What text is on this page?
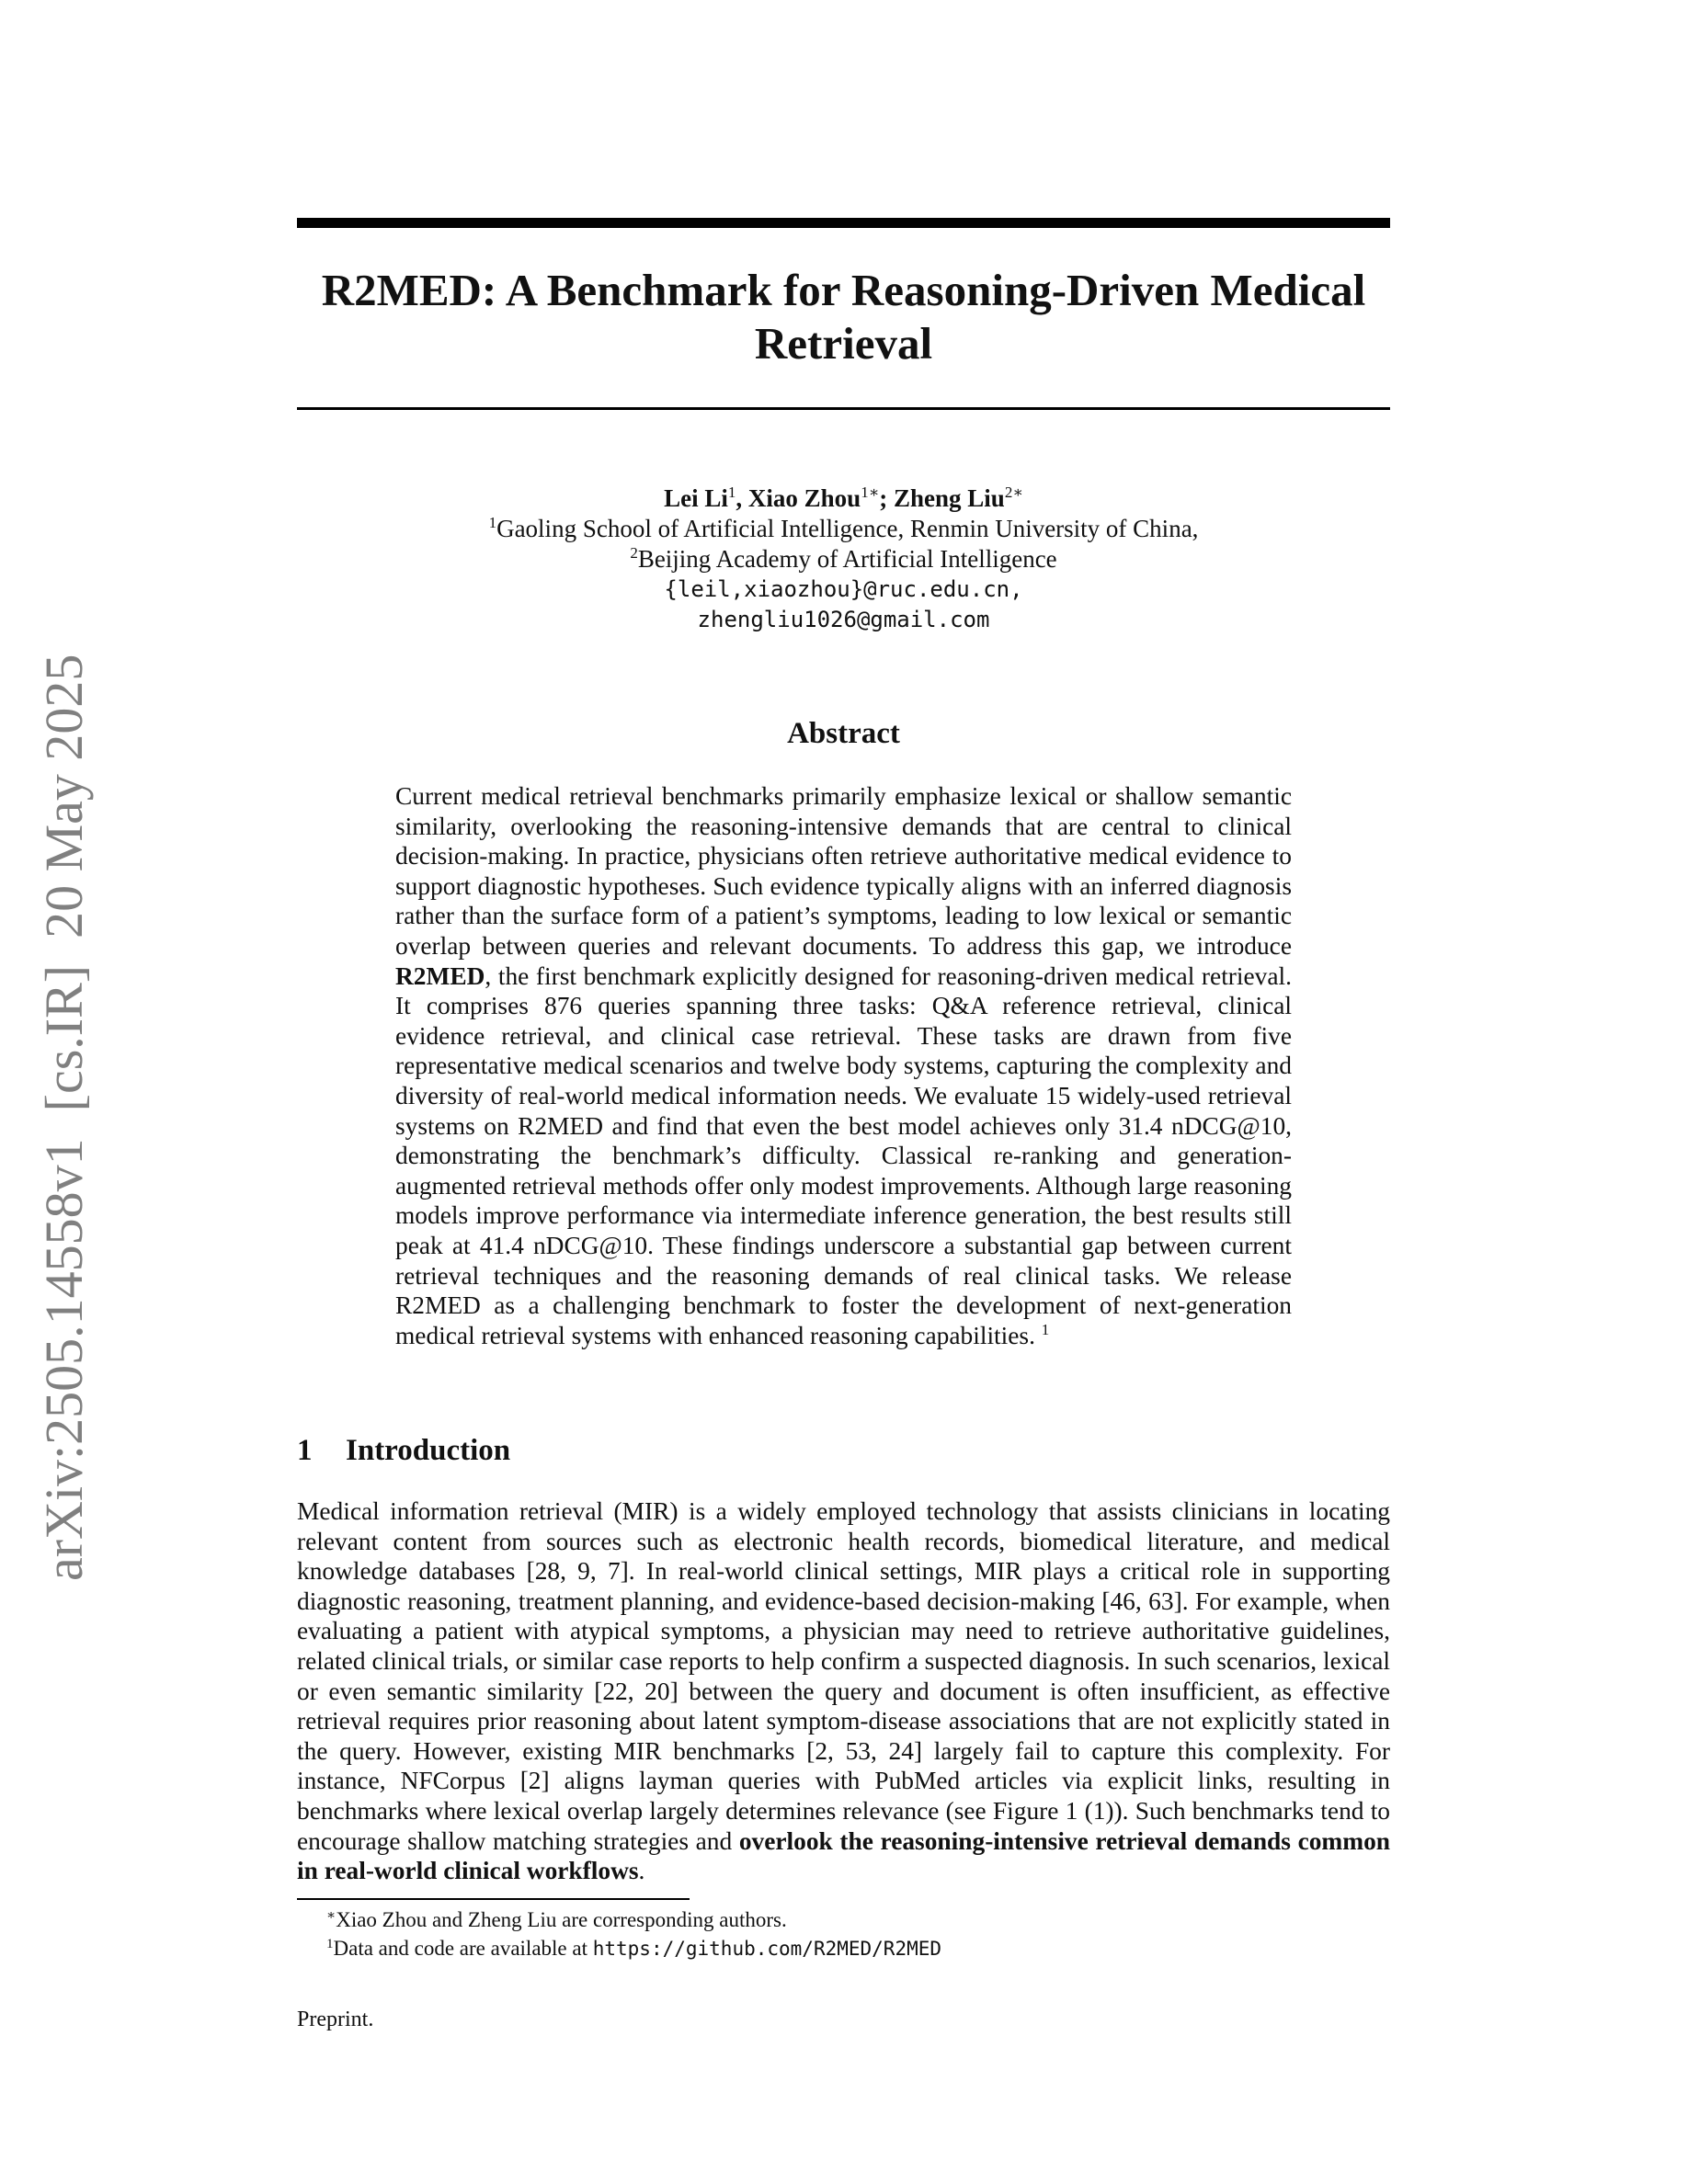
arXiv:2505.14558v1  [cs.IR]  20 May 2025
R2MED: A Benchmark for Reasoning-Driven Medical Retrieval
Lei Li$^1$, Xiao Zhou$^{1∗}$; Zheng Liu$^{2∗}$
$^1$Gaoling School of Artificial Intelligence, Renmin University of China,
$^2$Beijing Academy of Artificial Intelligence
{leil,xiaozhou}@ruc.edu.cn,
zhengliu1026@gmail.com
Abstract

Current medical retrieval benchmarks primarily emphasize lexical or shallow semantic similarity, overlooking the reasoning-intensive demands that are central to clinical decision-making. In practice, physicians often retrieve authoritative medical evidence to support diagnostic hypotheses. Such evidence typically aligns with an inferred diagnosis rather than the surface form of a patient’s symptoms, leading to low lexical or semantic overlap between queries and relevant documents. To address this gap, we introduce R2MED, the first benchmark explicitly designed for reasoning-driven medical retrieval. It comprises 876 queries spanning three tasks: Q&A reference retrieval, clinical evidence retrieval, and clinical case retrieval. These tasks are drawn from five representative medical scenarios and twelve body systems, capturing the complexity and diversity of real-world medical information needs. We evaluate 15 widely-used retrieval systems on R2MED and find that even the best model achieves only 31.4 nDCG@10, demonstrating the benchmark’s difficulty. Classical re-ranking and generation-augmented retrieval methods offer only modest improvements. Although large reasoning models improve performance via intermediate inference generation, the best results still peak at 41.4 nDCG@10. These findings underscore a substantial gap between current retrieval techniques and the reasoning demands of real clinical tasks. We release R2MED as a challenging benchmark to foster the development of next-generation medical retrieval systems with enhanced reasoning capabilities. $^1$

1 Introduction

Medical information retrieval (MIR) is a widely employed technology that assists clinicians in locating relevant content from sources such as electronic health records, biomedical literature, and medical knowledge databases [28, 9, 7]. In real-world clinical settings, MIR plays a critical role in supporting diagnostic reasoning, treatment planning, and evidence-based decision-making [46, 63]. For example, when evaluating a patient with atypical symptoms, a physician may need to retrieve authoritative guidelines, related clinical trials, or similar case reports to help confirm a suspected diagnosis. In such scenarios, lexical or even semantic similarity [22, 20] between the query and document is often insufficient, as effective retrieval requires prior reasoning about latent symptom-disease associations that are not explicitly stated in the query. However, existing MIR benchmarks [2, 53, 24] largely fail to capture this complexity. For instance, NFCorpus [2] aligns layman queries with PubMed articles via explicit links, resulting in benchmarks where lexical overlap largely determines relevance (see Figure 1 (1)). Such benchmarks tend to encourage shallow matching strategies and overlook the reasoning-intensive retrieval demands common in real-world clinical workflows.

∗Xiao Zhou and Zheng Liu are corresponding authors.
$^1$Data and code are available at https://github.com/R2MED/R2MED
Preprint.
